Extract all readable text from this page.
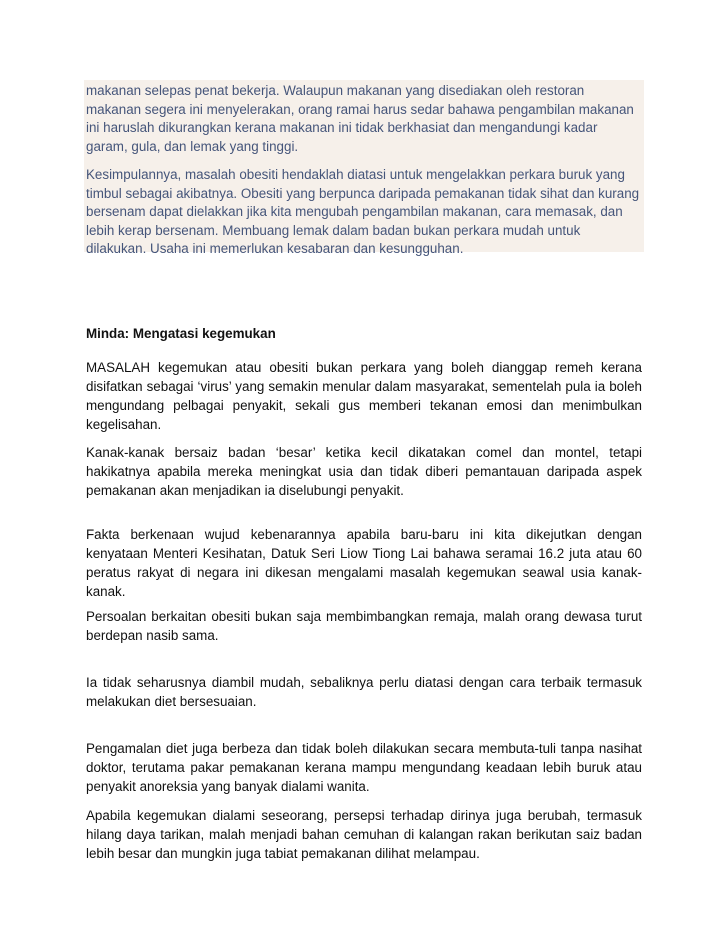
makanan selepas penat bekerja. Walaupun makanan yang disediakan oleh restoran makanan segera ini menyelerakan, orang ramai harus sedar bahawa pengambilan makanan ini haruslah dikurangkan kerana makanan ini tidak berkhasiat dan mengandungi kadar garam, gula, dan lemak yang tinggi.

Kesimpulannya, masalah obesiti hendaklah diatasi untuk mengelakkan perkara buruk yang timbul sebagai akibatnya. Obesiti yang berpunca daripada pemakanan tidak sihat dan kurang bersenam dapat dielakkan jika kita mengubah pengambilan makanan, cara memasak, dan lebih kerap bersenam. Membuang lemak dalam badan bukan perkara mudah untuk dilakukan. Usaha ini memerlukan kesabaran dan kesungguhan.

Minda: Mengatasi kegemukan

MASALAH kegemukan atau obesiti bukan perkara yang boleh dianggap remeh kerana disifatkan sebagai ‘virus’ yang semakin menular dalam masyarakat, sementelah pula ia boleh mengundang pelbagai penyakit, sekali gus memberi tekanan emosi dan menimbulkan kegelisahan.

Kanak-kanak bersaiz badan ‘besar’ ketika kecil dikatakan comel dan montel, tetapi hakikatnya apabila mereka meningkat usia dan tidak diberi pemantauan daripada aspek pemakanan akan menjadikan ia diselubungi penyakit.

Fakta berkenaan wujud kebenarannya apabila baru-baru ini kita dikejutkan dengan kenyataan Menteri Kesihatan, Datuk Seri Liow Tiong Lai bahawa seramai 16.2 juta atau 60 peratus rakyat di negara ini dikesan mengalami masalah kegemukan seawal usia kanak-kanak.

Persoalan berkaitan obesiti bukan saja membimbangkan remaja, malah orang dewasa turut berdepan nasib sama.

Ia tidak seharusnya diambil mudah, sebaliknya perlu diatasi dengan cara terbaik termasuk melakukan diet bersesuaian.

Pengamalan diet juga berbeza dan tidak boleh dilakukan secara membuta-tuli tanpa nasihat doktor, terutama pakar pemakanan kerana mampu mengundang keadaan lebih buruk atau penyakit anoreksia yang banyak dialami wanita.

Apabila kegemukan dialami seseorang, persepsi terhadap dirinya juga berubah, termasuk hilang daya tarikan, malah menjadi bahan cemuhan di kalangan rakan berikutan saiz badan lebih besar dan mungkin juga tabiat pemakanan dilihat melampau.
